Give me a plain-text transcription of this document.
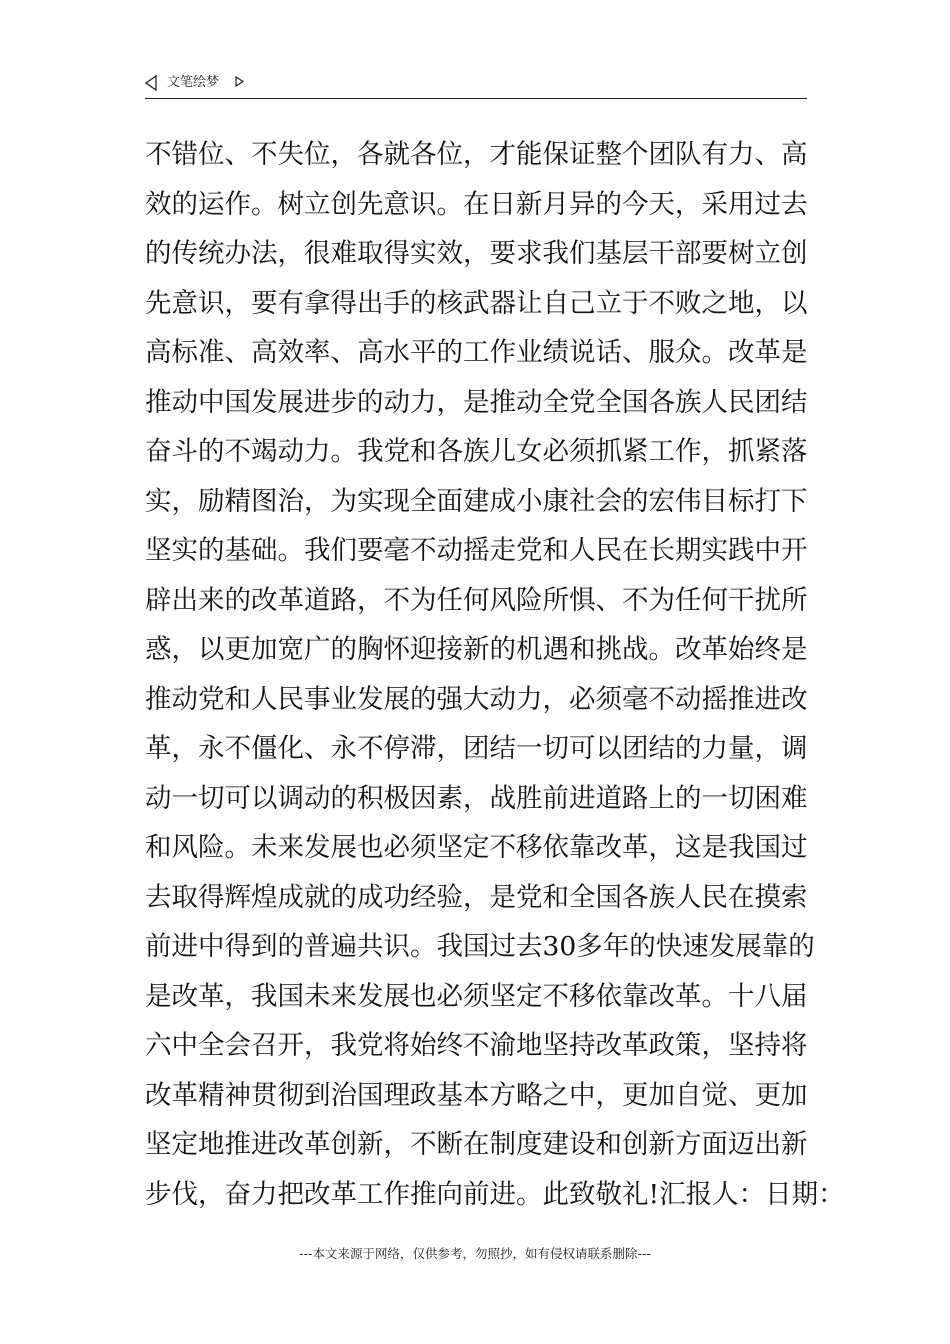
文笔绘梦
不错位、不失位，各就各位，才能保证整个团队有力、高
效的运作。树立创先意识。在日新月异的今天，采用过去
的传统办法，很难取得实效，要求我们基层干部要树立创
先意识，要有拿得出手的核武器让自己立于不败之地，以
高标准、高效率、高水平的工作业绩说话、服众。改革是
推动中国发展进步的动力，是推动全党全国各族人民团结
奋斗的不竭动力。我党和各族儿女必须抓紧工作，抓紧落
实，励精图治，为实现全面建成小康社会的宏伟目标打下
坚实的基础。我们要毫不动摇走党和人民在长期实践中开
辟出来的改革道路，不为任何风险所惧、不为任何干扰所
惑，以更加宽广的胸怀迎接新的机遇和挑战。改革始终是
推动党和人民事业发展的强大动力，必须毫不动摇推进改
革，永不僵化、永不停滞，团结一切可以团结的力量，调
动一切可以调动的积极因素，战胜前进道路上的一切困难
和风险。未来发展也必须坚定不移依靠改革，这是我国过
去取得辉煌成就的成功经验，是党和全国各族人民在摸索
前进中得到的普遍共识。我国过去30多年的快速发展靠的
是改革，我国未来发展也必须坚定不移依靠改革。十八届
六中全会召开，我党将始终不渝地坚持改革政策，坚持将
改革精神贯彻到治国理政基本方略之中，更加自觉、更加
坚定地推进改革创新，不断在制度建设和创新方面迈出新
步伐，奋力把改革工作推向前进。此致敬礼!汇报人：日期：
---本文来源于网络，仅供参考，勿照抄，如有侵权请联系删除---
